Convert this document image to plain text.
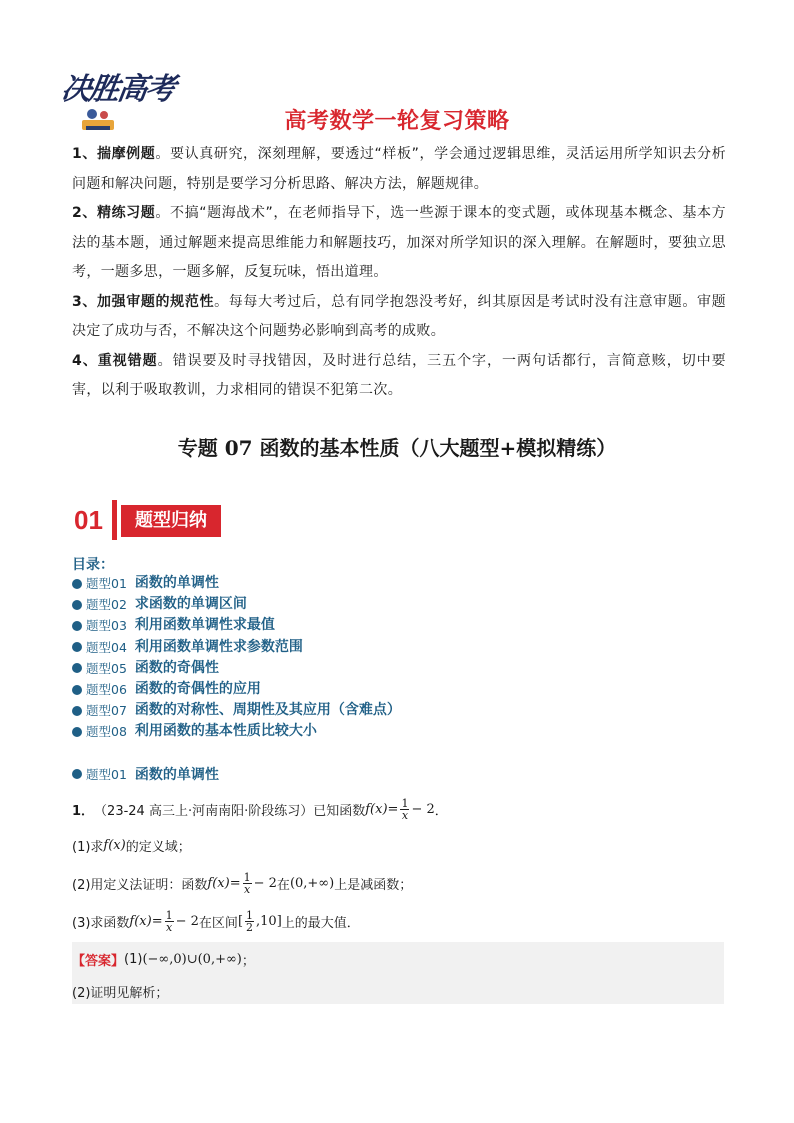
决胜高考
高考数学一轮复习策略

1、揣摩例题。要认真研究，深刻理解，要透过“样板”，学会通过逻辑思维，灵活运用所学知识去分析问题和解决问题，特别是要学习分析思路、解决方法，解题规律。

2、精练习题。不搞“题海战术”，在老师指导下，选一些源于课本的变式题，或体现基本概念、基本方法的基本题，通过解题来提高思维能力和解题技巧，加深对所学知识的深入理解。在解题时，要独立思考，一题多思，一题多解，反复玩味，悟出道理。

3、加强审题的规范性。每每大考过后，总有同学抱怨没考好，纠其原因是考试时没有注意审题。审题决定了成功与否，不解决这个问题势必影响到高考的成败。

4、重视错题。错误要及时寻找错因，及时进行总结，三五个字，一两句话都行，言简意赅，切中要害，以利于吸取教训，力求相同的错误不犯第二次。

专题 07 函数的基本性质（八大题型+模拟精练）
01	题型归纳
目录：
题型01 函数的单调性
题型02 求函数的单调区间
题型03 利用函数单调性求最值
题型04 利用函数单调性求参数范围
题型05 函数的奇偶性
题型06 函数的奇偶性的应用
题型07 函数的对称性、周期性及其应用（含难点）
题型08 利用函数的基本性质比较大小
题型01 函数的单调性
1． （23-24 高三上·河南南阳·阶段练习） 已知函数 $f(x) = \frac{1}{x} - 2$ ．
(1)求 f(x) 的定义域；
(2)用定义法证明：函数 $f(x) = \frac{1}{x} - 2$ 在 (0,+∞) 上是减函数；
(3)求函数 $f(x) = \frac{1}{x} - 2$ 在区间 [ $\frac{1}{2} ,10$] 上的最大值．
【答案】 (1) (−∞,0)∪(0,+∞) ；
(2)证明见解析；
